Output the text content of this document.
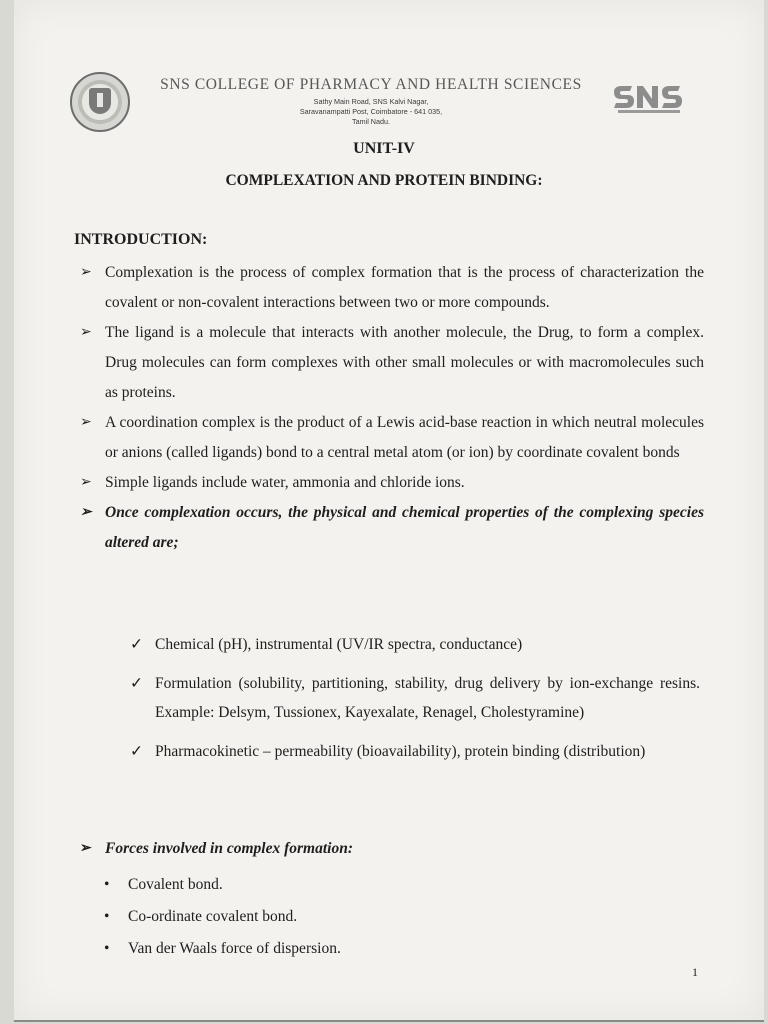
SNS COLLEGE OF PHARMACY AND HEALTH SCIENCES
Sathy Main Road, SNS Kalvi Nagar,
Saravanampatti Post, Coimbatore - 641 035,
Tamil Nadu.
UNIT-IV
COMPLEXATION AND PROTEIN BINDING:
INTRODUCTION:
➢ Complexation is the process of complex formation that is the process of characterization the covalent or non-covalent interactions between two or more compounds.
➢ The ligand is a molecule that interacts with another molecule, the Drug, to form a complex. Drug molecules can form complexes with other small molecules or with macromolecules such as proteins.
➢ A coordination complex is the product of a Lewis acid-base reaction in which neutral molecules or anions (called ligands) bond to a central metal atom (or ion) by coordinate covalent bonds
➢ Simple ligands include water, ammonia and chloride ions.
➢ Once complexation occurs, the physical and chemical properties of the complexing species altered are;
✓ Chemical (pH), instrumental (UV/IR spectra, conductance)
✓ Formulation (solubility, partitioning, stability, drug delivery by ion-exchange resins. Example: Delsym, Tussionex, Kayexalate, Renagel, Cholestyramine)
✓ Pharmacokinetic – permeability (bioavailability), protein binding (distribution)
➢ Forces involved in complex formation:
• Covalent bond.
• Co-ordinate covalent bond.
• Van der Waals force of dispersion.
1
